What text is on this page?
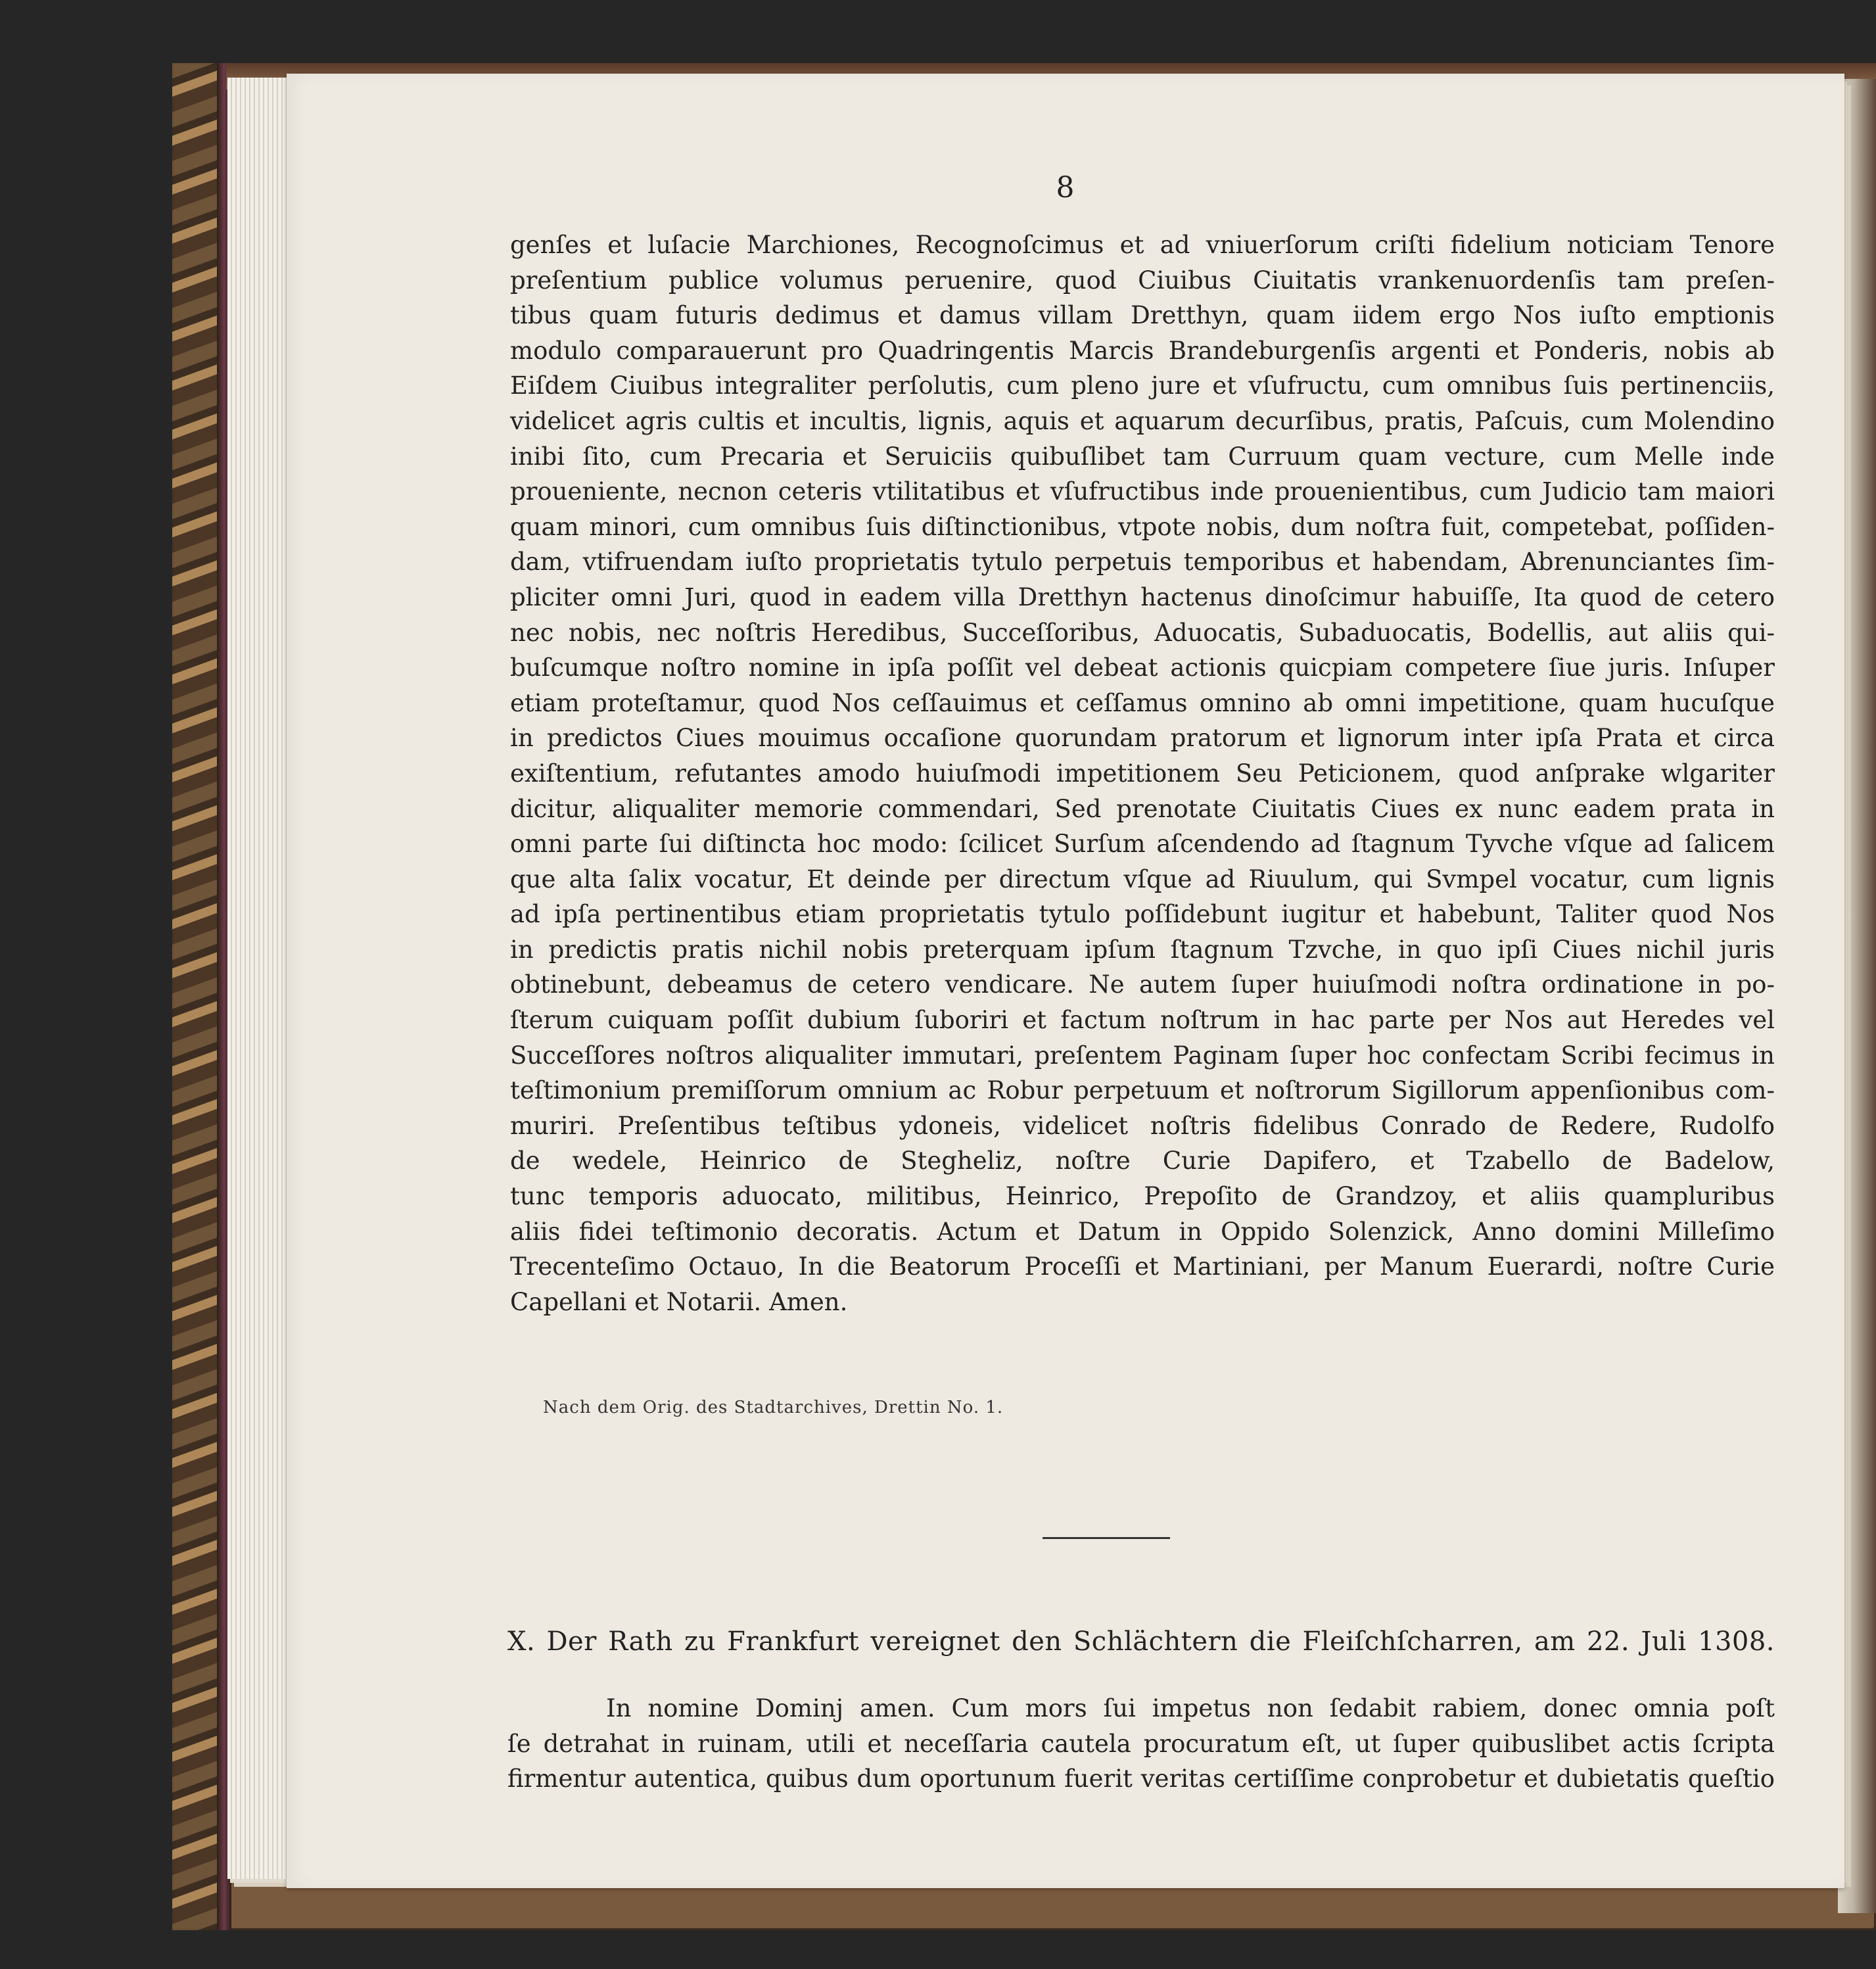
8
genſes et luſacie Marchiones, Recognoſcimus et ad vniuerſorum criſti fidelium noticiam Tenore
preſentium publice volumus peruenire, quod Ciuibus Ciuitatis vrankenuordenſis tam preſen-
tibus quam futuris dedimus et damus villam Dretthyn, quam iidem ergo Nos iuſto emptionis
modulo comparauerunt pro Quadringentis Marcis Brandeburgenſis argenti et Ponderis, nobis ab
Eiſdem Ciuibus integraliter perſolutis, cum pleno jure et vſufructu, cum omnibus ſuis pertinenciis,
videlicet agris cultis et incultis, lignis, aquis et aquarum decurſibus, pratis, Paſcuis, cum Molendino
inibi ſito, cum Precaria et Seruiciis quibuſlibet tam Curruum quam vecture, cum Melle inde
proueniente, necnon ceteris vtilitatibus et vſufructibus inde prouenientibus, cum Judicio tam maiori
quam minori, cum omnibus ſuis diſtinctionibus, vtpote nobis, dum noſtra fuit, competebat, poſſiden-
dam, vtifruendam iuſto proprietatis tytulo perpetuis temporibus et habendam, Abrenunciantes ſim-
pliciter omni Juri, quod in eadem villa Dretthyn hactenus dinoſcimur habuiſſe, Ita quod de cetero
nec nobis, nec noſtris Heredibus, Succeſſoribus, Aduocatis, Subaduocatis, Bodellis, aut aliis qui-
buſcumque noſtro nomine in ipſa poſſit vel debeat actionis quicpiam competere ſiue juris. Inſuper
etiam proteſtamur, quod Nos ceſſauimus et ceſſamus omnino ab omni impetitione, quam hucuſque
in predictos Ciues mouimus occaſione quorundam pratorum et lignorum inter ipſa Prata et circa
exiſtentium, refutantes amodo huiuſmodi impetitionem Seu Peticionem, quod anſprake wlgariter
dicitur, aliqualiter memorie commendari, Sed prenotate Ciuitatis Ciues ex nunc eadem prata in
omni parte ſui diſtincta hoc modo: ſcilicet Surſum aſcendendo ad ſtagnum Tyvche vſque ad ſalicem
que alta ſalix vocatur, Et deinde per directum vſque ad Riuulum, qui Svmpel vocatur, cum lignis
ad ipſa pertinentibus etiam proprietatis tytulo poſſidebunt iugitur et habebunt, Taliter quod Nos
in predictis pratis nichil nobis preterquam ipſum ſtagnum Tzvche, in quo ipſi Ciues nichil juris
obtinebunt, debeamus de cetero vendicare. Ne autem ſuper huiuſmodi noſtra ordinatione in po-
ſterum cuiquam poſſit dubium ſuboriri et factum noſtrum in hac parte per Nos aut Heredes vel
Succeſſores noſtros aliqualiter immutari, preſentem Paginam ſuper hoc confectam Scribi fecimus in
teſtimonium premiſſorum omnium ac Robur perpetuum et noſtrorum Sigillorum appenſionibus com-
muriri. Preſentibus teſtibus ydoneis, videlicet noſtris fidelibus Conrado de Redere, Rudolfo
de wedele, Heinrico de Stegheliz, noſtre Curie Dapifero, et Tzabello de Badelow,
tunc temporis aduocato, militibus, Heinrico, Prepoſito de Grandzoy, et aliis quampluribus
aliis fidei teſtimonio decoratis. Actum et Datum in Oppido Solenzick, Anno domini Milleſimo
Trecenteſimo Octauo, In die Beatorum Proceſſi et Martiniani, per Manum Euerardi, noſtre Curie
Capellani et Notarii. Amen.
Nach dem Orig. des Stadtarchives, Drettin No. 1.
X. Der Rath zu Frankfurt vereignet den Schlächtern die Fleiſchſcharren, am 22. Juli 1308.
In nomine Dominj amen. Cum mors ſui impetus non ſedabit rabiem, donec omnia poſt
ſe detrahat in ruinam, utili et neceſſaria cautela procuratum eſt, ut ſuper quibuslibet actis ſcripta
firmentur autentica, quibus dum oportunum fuerit veritas certiſſime conprobetur et dubietatis queſtio
